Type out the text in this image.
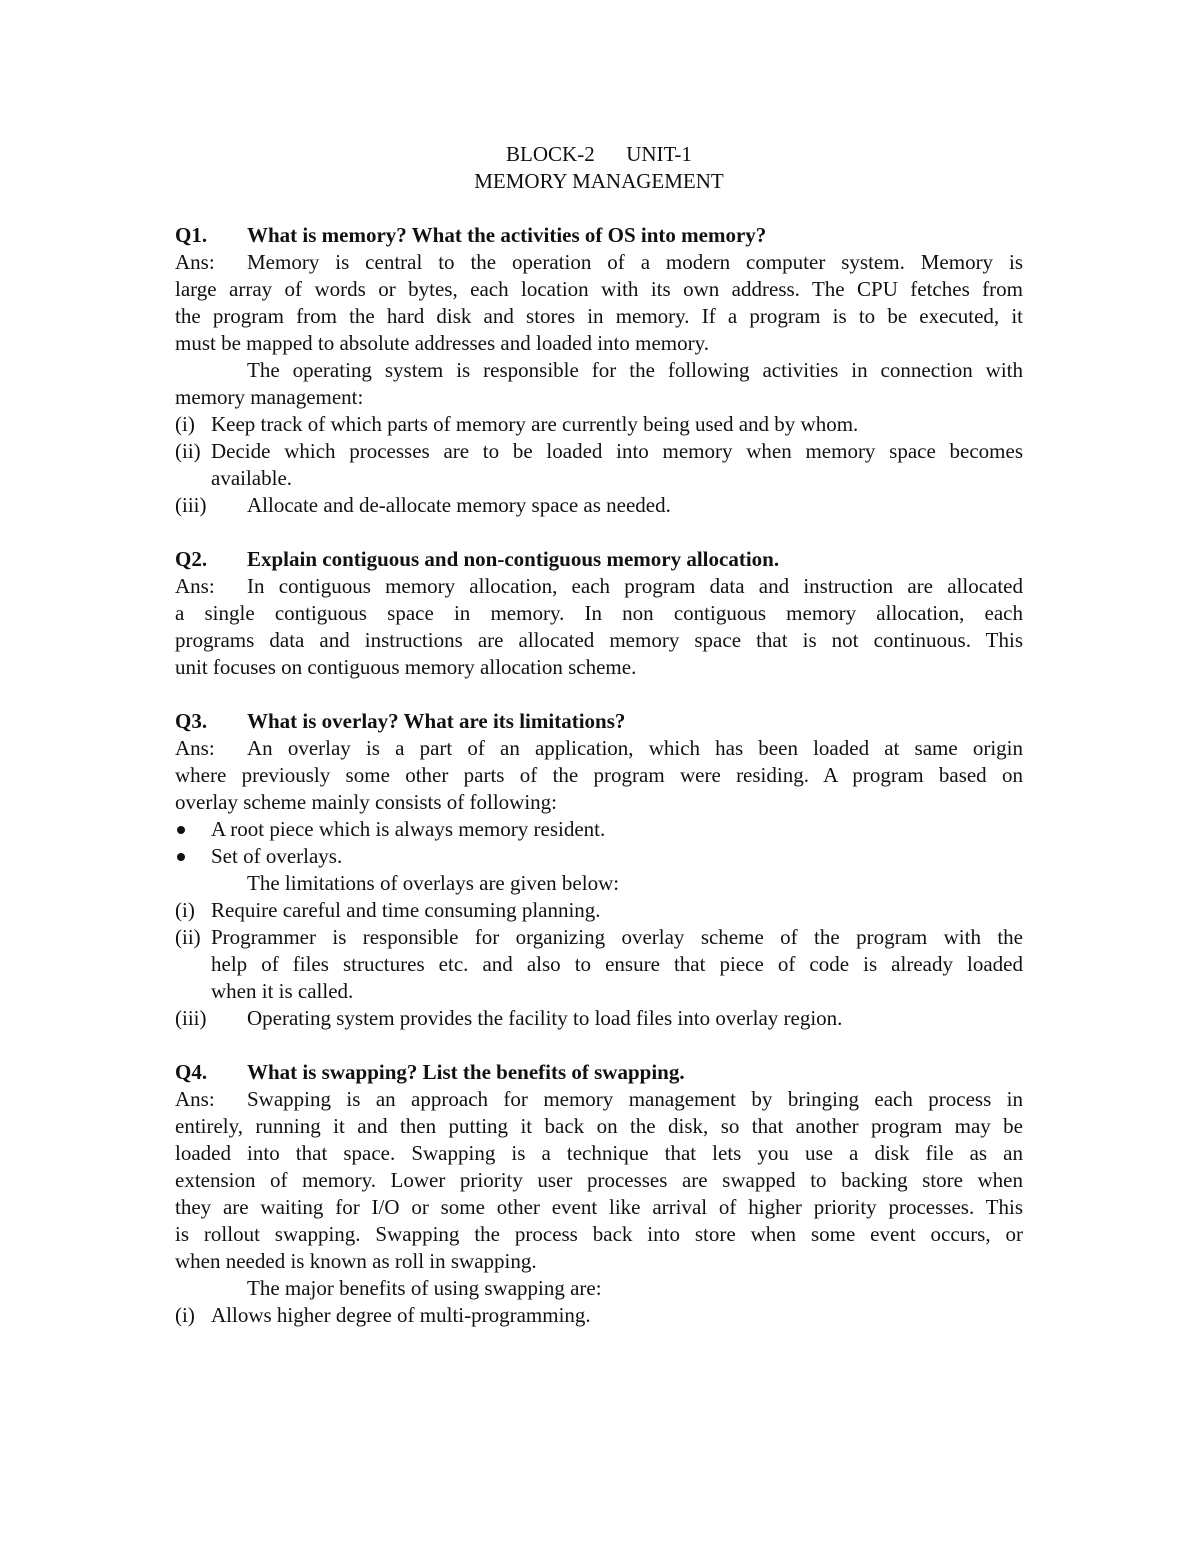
BLOCK-2      UNIT-1
MEMORY MANAGEMENT
Q1. What is memory? What the activities of OS into memory?
Ans: Memory is central to the operation of a modern computer system. Memory is
large array of words or bytes, each location with its own address. The CPU fetches from
the program from the hard disk and stores in memory. If a program is to be executed, it
must be mapped to absolute addresses and loaded into memory.
The operating system is responsible for the following activities in connection with
memory management:
(i) Keep track of which parts of memory are currently being used and by whom.
(ii) Decide which processes are to be loaded into memory when memory space becomes
available.
(iii) Allocate and de-allocate memory space as needed.
Q2. Explain contiguous and non-contiguous memory allocation.
Ans: In contiguous memory allocation, each program data and instruction are allocated
a single contiguous space in memory. In non contiguous memory allocation, each
programs data and instructions are allocated memory space that is not continuous. This
unit focuses on contiguous memory allocation scheme.
Q3. What is overlay? What are its limitations?
Ans: An overlay is a part of an application, which has been loaded at same origin
where previously some other parts of the program were residing. A program based on
overlay scheme mainly consists of following:
A root piece which is always memory resident.
Set of overlays.
The limitations of overlays are given below:
(i) Require careful and time consuming planning.
(ii) Programmer is responsible for organizing overlay scheme of the program with the
help of files structures etc. and also to ensure that piece of code is already loaded
when it is called.
(iii) Operating system provides the facility to load files into overlay region.
Q4. What is swapping? List the benefits of swapping.
Ans: Swapping is an approach for memory management by bringing each process in
entirely, running it and then putting it back on the disk, so that another program may be
loaded into that space. Swapping is a technique that lets you use a disk file as an
extension of memory. Lower priority user processes are swapped to backing store when
they are waiting for I/O or some other event like arrival of higher priority processes. This
is rollout swapping. Swapping the process back into store when some event occurs, or
when needed is known as roll in swapping.
The major benefits of using swapping are:
(i) Allows higher degree of multi-programming.
